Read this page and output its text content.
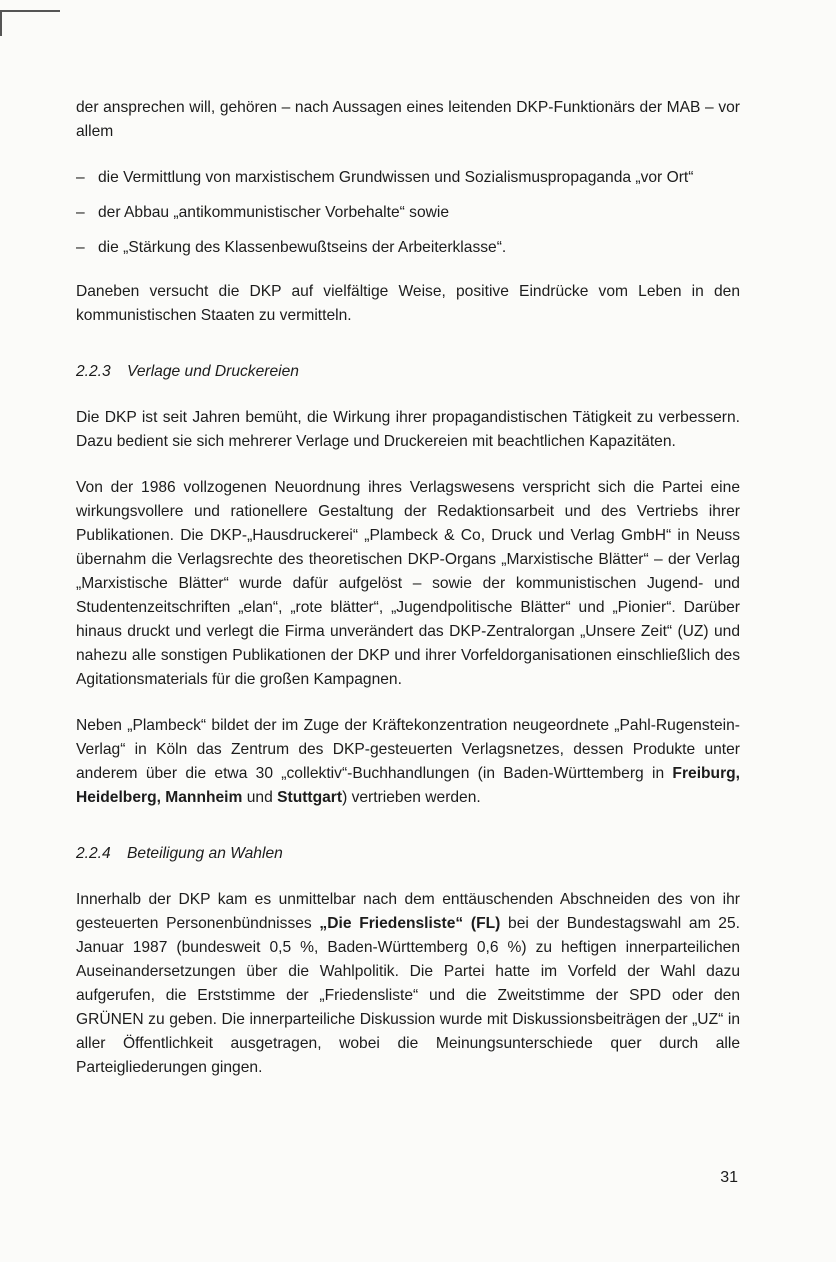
der ansprechen will, gehören – nach Aussagen eines leitenden DKP-Funktionärs der MAB – vor allem

– die Vermittlung von marxistischem Grundwissen und Sozialismuspropaganda „vor Ort“
– der Abbau „antikommunistischer Vorbehalte“ sowie
– die „Stärkung des Klassenbewußtseins der Arbeiterklasse“.

Daneben versucht die DKP auf vielfältige Weise, positive Eindrücke vom Leben in den kommunistischen Staaten zu vermitteln.

2.2.3 Verlage und Druckereien

Die DKP ist seit Jahren bemüht, die Wirkung ihrer propagandistischen Tätigkeit zu verbessern. Dazu bedient sie sich mehrerer Verlage und Druckereien mit beachtlichen Kapazitäten.

Von der 1986 vollzogenen Neuordnung ihres Verlagswesens verspricht sich die Partei eine wirkungsvollere und rationellere Gestaltung der Redaktionsarbeit und des Vertriebs ihrer Publikationen. Die DKP-„Hausdruckerei“ „Plambeck & Co, Druck und Verlag GmbH“ in Neuss übernahm die Verlagsrechte des theoretischen DKP-Organs „Marxistische Blätter“ – der Verlag „Marxistische Blätter“ wurde dafür aufgelöst – sowie der kommunistischen Jugend- und Studentenzeitschriften „elan“, „rote blätter“, „Jugendpolitische Blätter“ und „Pionier“. Darüber hinaus druckt und verlegt die Firma unverändert das DKP-Zentralorgan „Unsere Zeit“ (UZ) und nahezu alle sonstigen Publikationen der DKP und ihrer Vorfeldorganisationen einschließlich des Agitationsmaterials für die großen Kampagnen.

Neben „Plambeck“ bildet der im Zuge der Kräftekonzentration neugeordnete „Pahl-Rugenstein-Verlag“ in Köln das Zentrum des DKP-gesteuerten Verlagsnetzes, dessen Produkte unter anderem über die etwa 30 „collektiv“-Buchhandlungen (in Baden-Württemberg in Freiburg, Heidelberg, Mannheim und Stuttgart) vertrieben werden.

2.2.4 Beteiligung an Wahlen

Innerhalb der DKP kam es unmittelbar nach dem enttäuschenden Abschneiden des von ihr gesteuerten Personenbündnisses „Die Friedensliste“ (FL) bei der Bundestagswahl am 25. Januar 1987 (bundesweit 0,5 %, Baden-Württemberg 0,6 %) zu heftigen innerparteilichen Auseinandersetzungen über die Wahlpolitik. Die Partei hatte im Vorfeld der Wahl dazu aufgerufen, die Erststimme der „Friedensliste“ und die Zweitstimme der SPD oder den GRÜNEN zu geben. Die innerparteiliche Diskussion wurde mit Diskussionsbeiträgen der „UZ“ in aller Öffentlichkeit ausgetragen, wobei die Meinungsunterschiede quer durch alle Parteigliederungen gingen.

31
